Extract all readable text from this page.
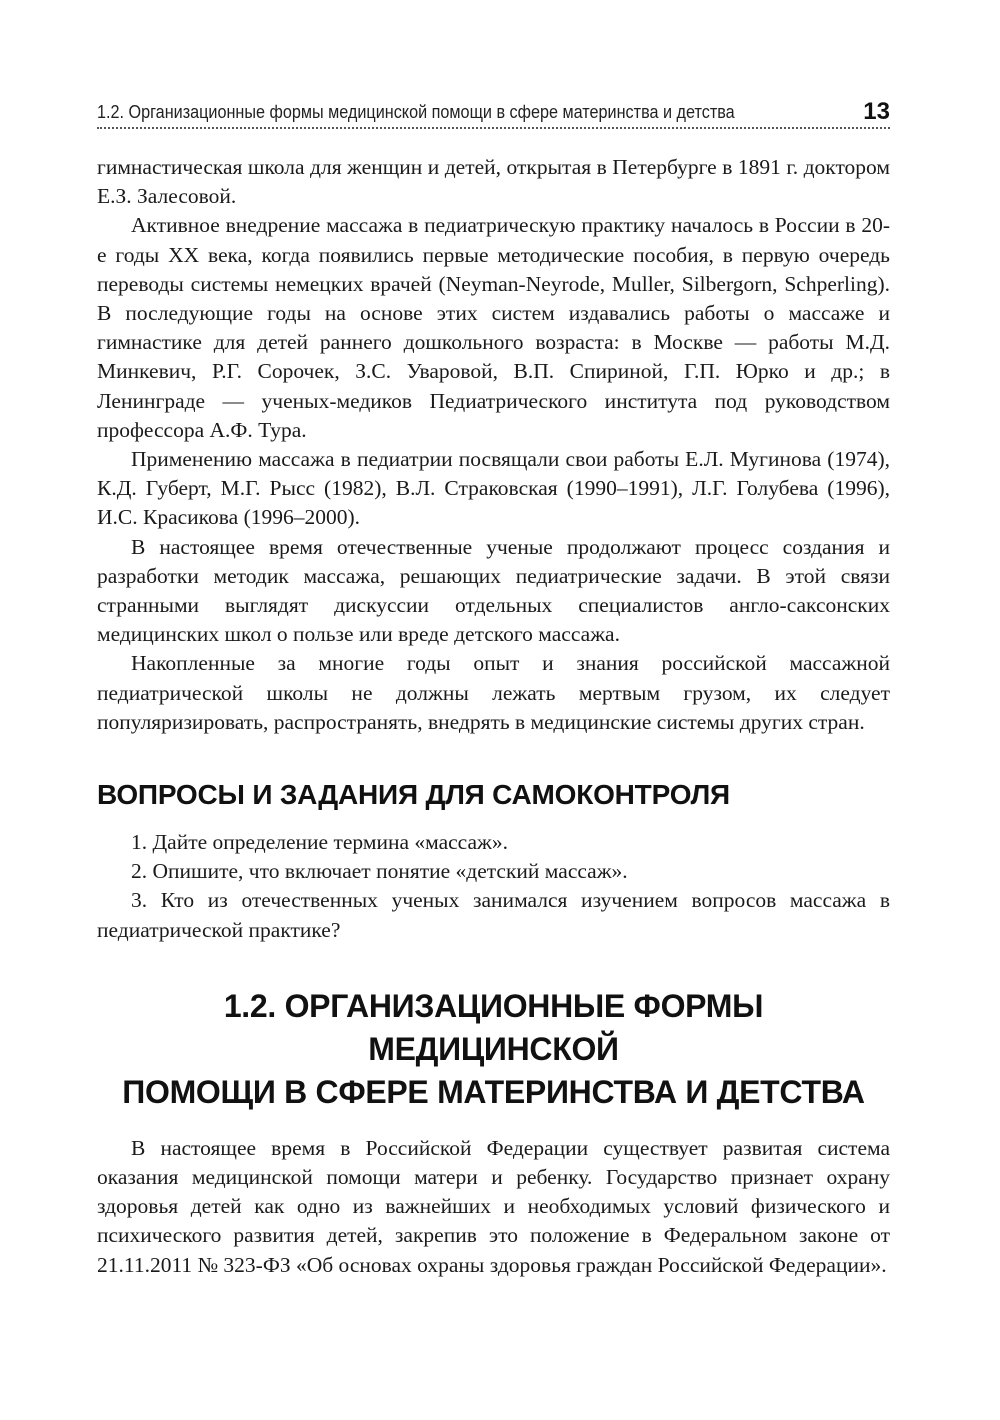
1.2. Организационные формы медицинской помощи в сфере материнства и детства	13

гимнастическая школа для женщин и детей, открытая в Петербурге в 1891 г. доктором Е.З. Залесовой.

Активное внедрение массажа в педиатрическую практику началось в России в 20-е годы ХХ века, когда появились первые методические пособия, в первую очередь переводы системы немецких врачей (Neyman-Neyrode, Muller, Silbergorn, Schperling). В последующие годы на основе этих систем издавались работы о массаже и гимнастике для детей раннего дошкольного возраста: в Москве — работы М.Д. Минкевич, Р.Г. Сорочек, З.С. Уваровой, В.П. Спириной, Г.П. Юрко и др.; в Ленинграде — ученых-медиков Педиатрического института под руководством профессора А.Ф. Тура.

Применению массажа в педиатрии посвящали свои работы Е.Л. Мугинова (1974), К.Д. Губерт, М.Г. Рысс (1982), В.Л. Страковская (1990–1991), Л.Г. Голубева (1996), И.С. Красикова (1996–2000).

В настоящее время отечественные ученые продолжают процесс создания и разработки методик массажа, решающих педиатрические задачи. В этой связи странными выглядят дискуссии отдельных специалистов англо-саксонских медицинских школ о пользе или вреде детского массажа.

Накопленные за многие годы опыт и знания российской массажной педиатрической школы не должны лежать мертвым грузом, их следует популяризировать, распространять, внедрять в медицинские системы других стран.

ВОПРОСЫ И ЗАДАНИЯ ДЛЯ САМОКОНТРОЛЯ

1. Дайте определение термина «массаж».

2. Опишите, что включает понятие «детский массаж».

3. Кто из отечественных ученых занимался изучением вопросов массажа в педиатрической практике?

1.2. ОРГАНИЗАЦИОННЫЕ ФОРМЫ МЕДИЦИНСКОЙ
ПОМОЩИ В СФЕРЕ МАТЕРИНСТВА И ДЕТСТВА

В настоящее время в Российской Федерации существует развитая система оказания медицинской помощи матери и ребенку. Государство признает охрану здоровья детей как одно из важнейших и необходимых условий физического и психического развития детей, закрепив это положение в Федеральном законе от 21.11.2011 № 323-ФЗ «Об основах охраны здоровья граждан Российской Федерации».
